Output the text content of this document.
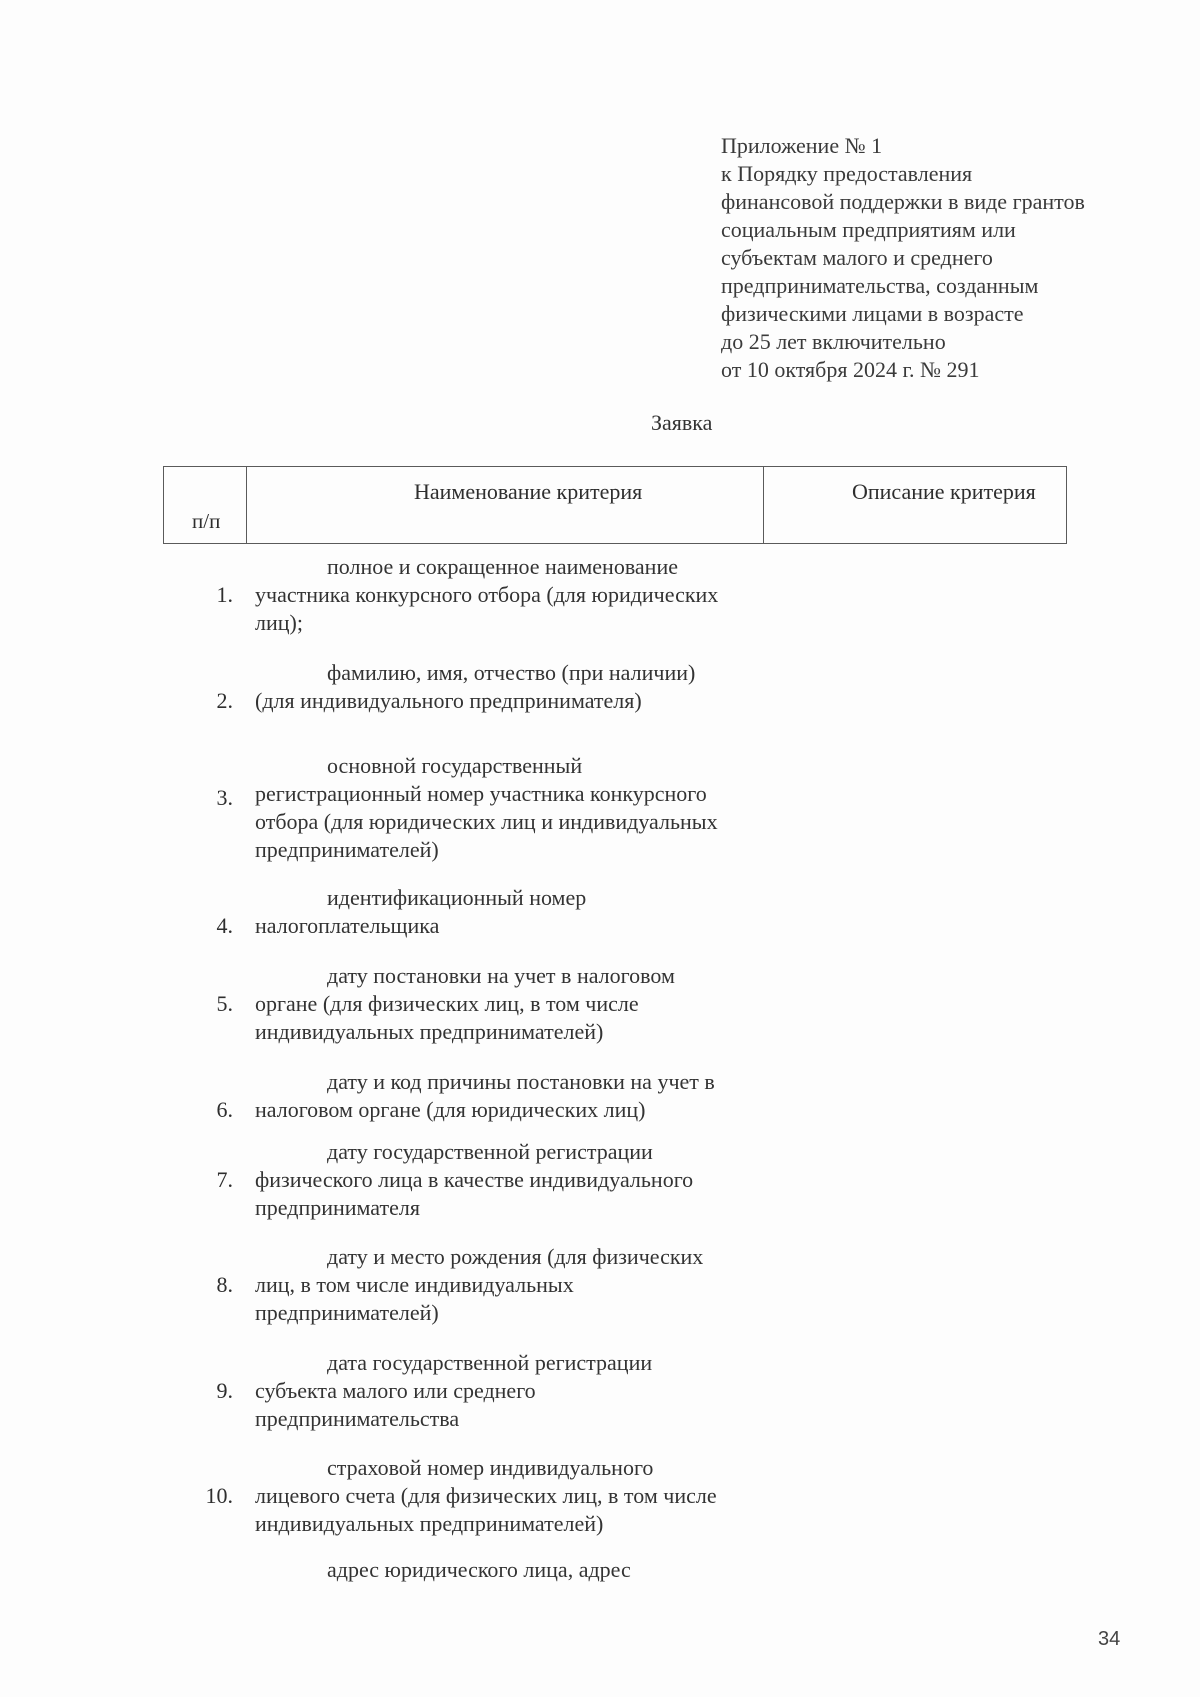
Приложение № 1
к Порядку предоставления
финансовой поддержки в виде грантов
социальным предприятиям или
субъектам малого и среднего
предпринимательства, созданным
физическими лицами в возрасте
до 25 лет включительно
от 10 октября 2024 г. № 291
Заявка
п/п
Наименование критерия	Описание критерия
1.

полное и сокращенное наименование участника конкурсного отбора (для юридических лиц);

2.

фамилию, имя, отчество (при наличии) (для индивидуального предпринимателя)

3.

основной государственный регистрационный номер участника конкурсного отбора (для юридических лиц и индивидуальных предпринимателей)

4.

идентификационный номер налогоплательщика

5.

дату постановки на учет в налоговом органе (для физических лиц, в том числе индивидуальных предпринимателей)

6.

дату и код причины постановки на учет в налоговом органе (для юридических лиц)

7.

дату государственной регистрации физического лица в качестве индивидуального предпринимателя

8.

дату и место рождения (для физических лиц, в том числе индивидуальных предпринимателей)

9.

дата государственной регистрации субъекта малого или среднего предпринимательства

10.

страховой номер индивидуального лицевого счета (для физических лиц, в том числе индивидуальных предпринимателей)

адрес юридического лица, адрес

34
